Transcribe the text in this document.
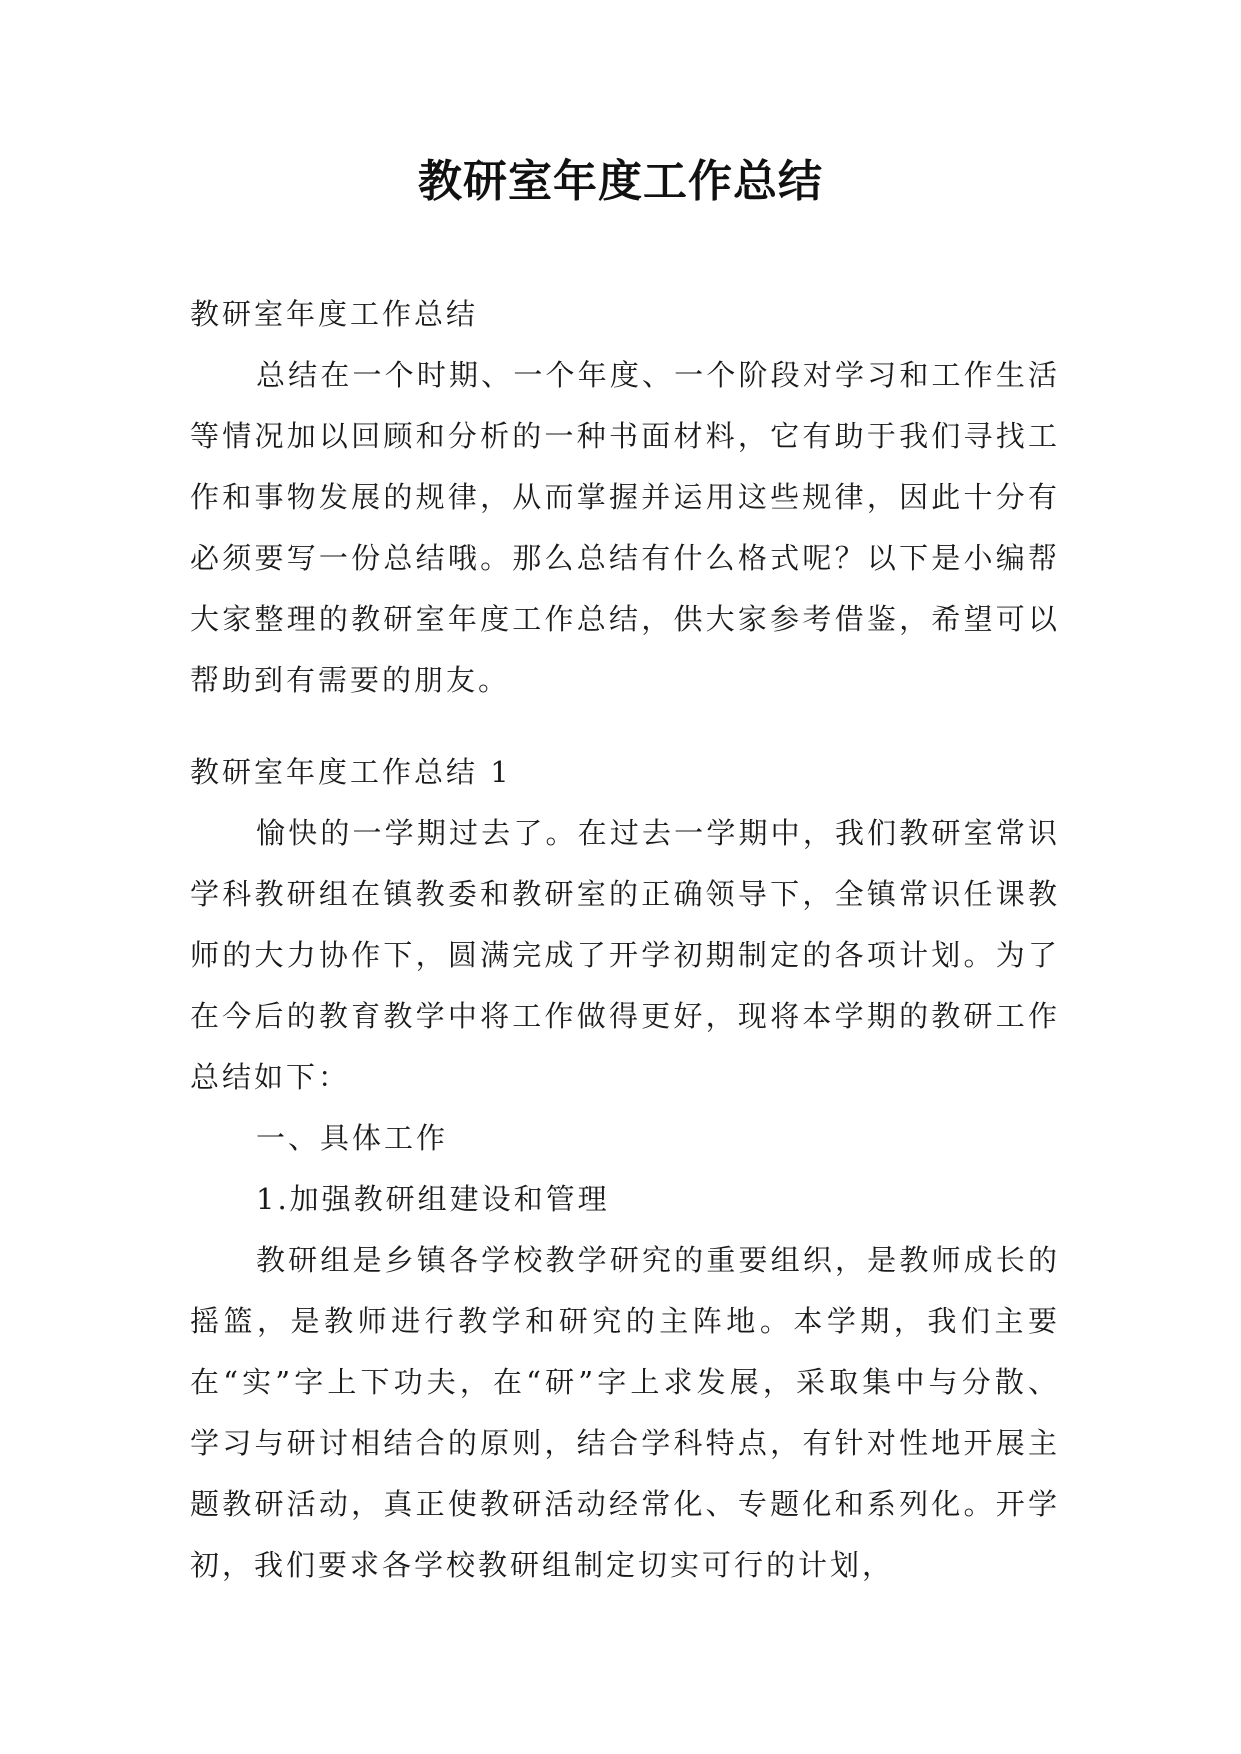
教研室年度工作总结
教研室年度工作总结
总结在一个时期、一个年度、一个阶段对学习和工作生活等情况加以回顾和分析的一种书面材料，它有助于我们寻找工作和事物发展的规律，从而掌握并运用这些规律，因此十分有必须要写一份总结哦。那么总结有什么格式呢？以下是小编帮大家整理的教研室年度工作总结，供大家参考借鉴，希望可以帮助到有需要的朋友。
教研室年度工作总结 1
愉快的一学期过去了。在过去一学期中，我们教研室常识学科教研组在镇教委和教研室的正确领导下，全镇常识任课教师的大力协作下，圆满完成了开学初期制定的各项计划。为了在今后的教育教学中将工作做得更好，现将本学期的教研工作总结如下：
一、具体工作
1.加强教研组建设和管理
教研组是乡镇各学校教学研究的重要组织，是教师成长的摇篮，是教师进行教学和研究的主阵地。本学期，我们主要在“实”字上下功夫，在“研”字上求发展，采取集中与分散、学习与研讨相结合的原则，结合学科特点，有针对性地开展主题教研活动，真正使教研活动经常化、专题化和系列化。开学初，我们要求各学校教研组制定切实可行的计划，
